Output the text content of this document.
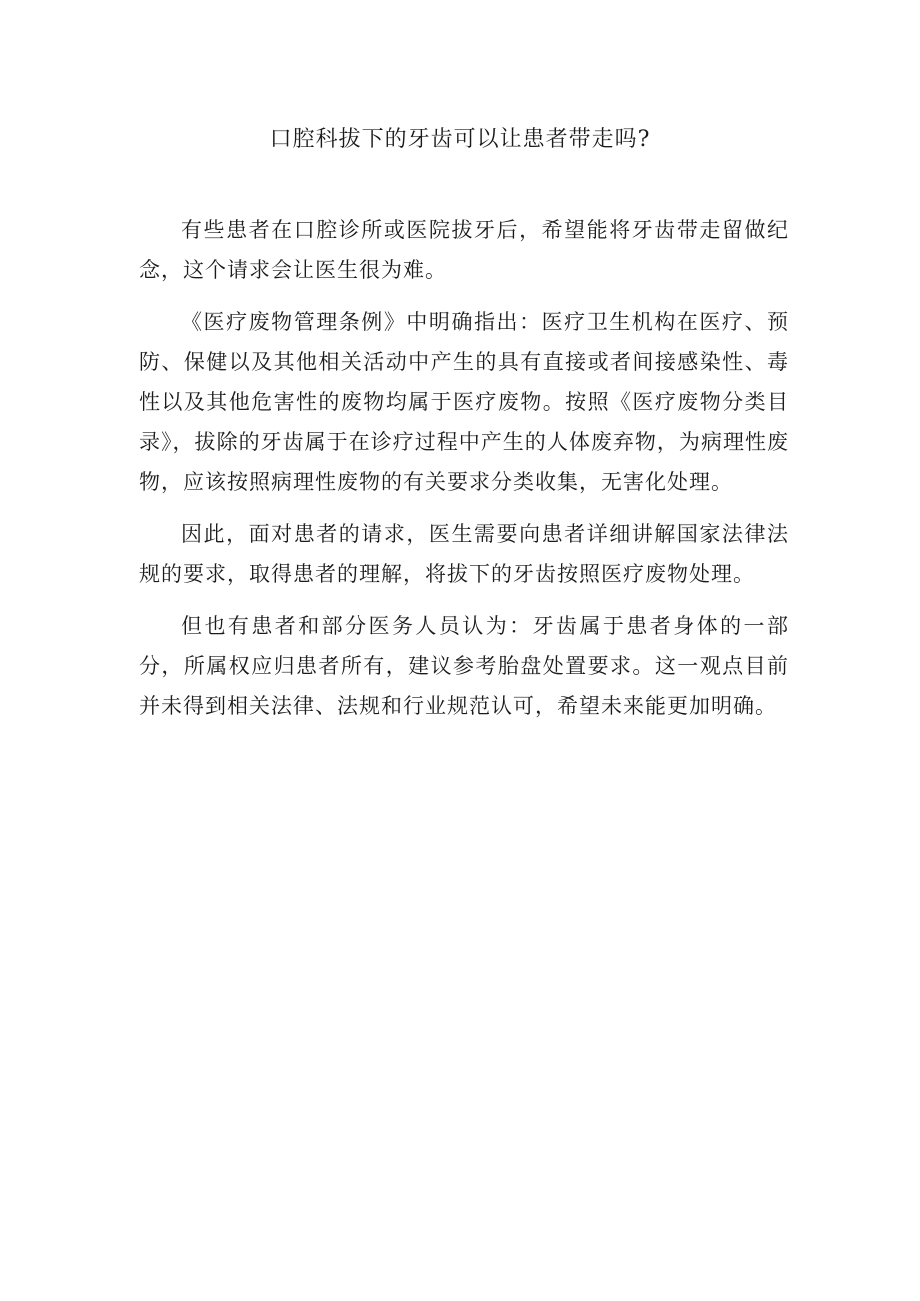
口腔科拔下的牙齿可以让患者带走吗?

有些患者在口腔诊所或医院拔牙后，希望能将牙齿带走留做纪念，这个请求会让医生很为难。

《医疗废物管理条例》中明确指出：医疗卫生机构在医疗、预防、保健以及其他相关活动中产生的具有直接或者间接感染性、毒性以及其他危害性的废物均属于医疗废物。按照《医疗废物分类目录》，拔除的牙齿属于在诊疗过程中产生的人体废弃物，为病理性废物，应该按照病理性废物的有关要求分类收集，无害化处理。

因此，面对患者的请求，医生需要向患者详细讲解国家法律法规的要求，取得患者的理解，将拔下的牙齿按照医疗废物处理。

但也有患者和部分医务人员认为：牙齿属于患者身体的一部分，所属权应归患者所有，建议参考胎盘处置要求。这一观点目前并未得到相关法律、法规和行业规范认可，希望未来能更加明确。
